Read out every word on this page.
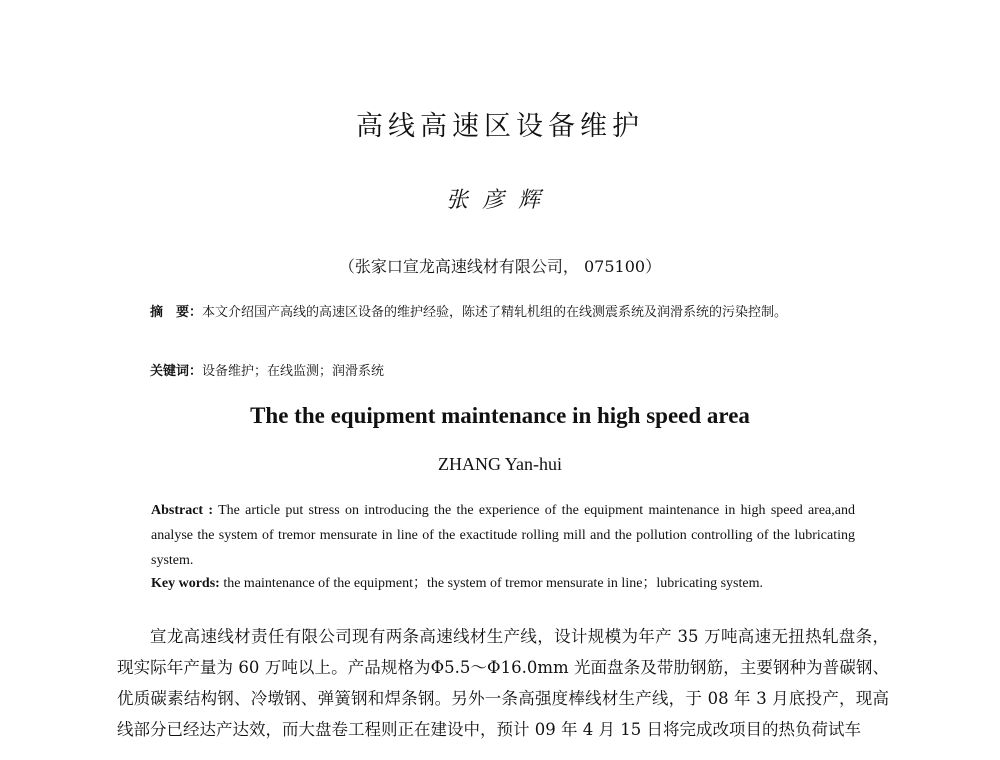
高线高速区设备维护
张彦辉
（张家口宣龙高速线材有限公司， 075100）
摘　要：本文介绍国产高线的高速区设备的维护经验，陈述了精轧机组的在线测震系统及润滑系统的污染控制。
关键词：设备维护；在线监测；润滑系统
The the equipment maintenance in high speed area
ZHANG Yan-hui
Abstract : The article put stress on introducing the the experience of the equipment maintenance in high speed area,and analyse the system of tremor mensurate in line of the exactitude rolling mill and the pollution controlling of the lubricating system.
Key words: the maintenance of the equipment；the system of tremor mensurate in line；lubricating system.
宣龙高速线材责任有限公司现有两条高速线材生产线，设计规模为年产 35 万吨高速无扭热轧盘条，现实际年产量为 60 万吨以上。产品规格为Φ5.5～Φ16.0mm 光面盘条及带肋钢筋，主要钢种为普碳钢、优质碳素结构钢、冷墩钢、弹簧钢和焊条钢。另外一条高强度棒线材生产线，于 08 年 3 月底投产，现高线部分已经达产达效，而大盘卷工程则正在建设中，预计 09 年 4 月 15 日将完成改项目的热负荷试车
